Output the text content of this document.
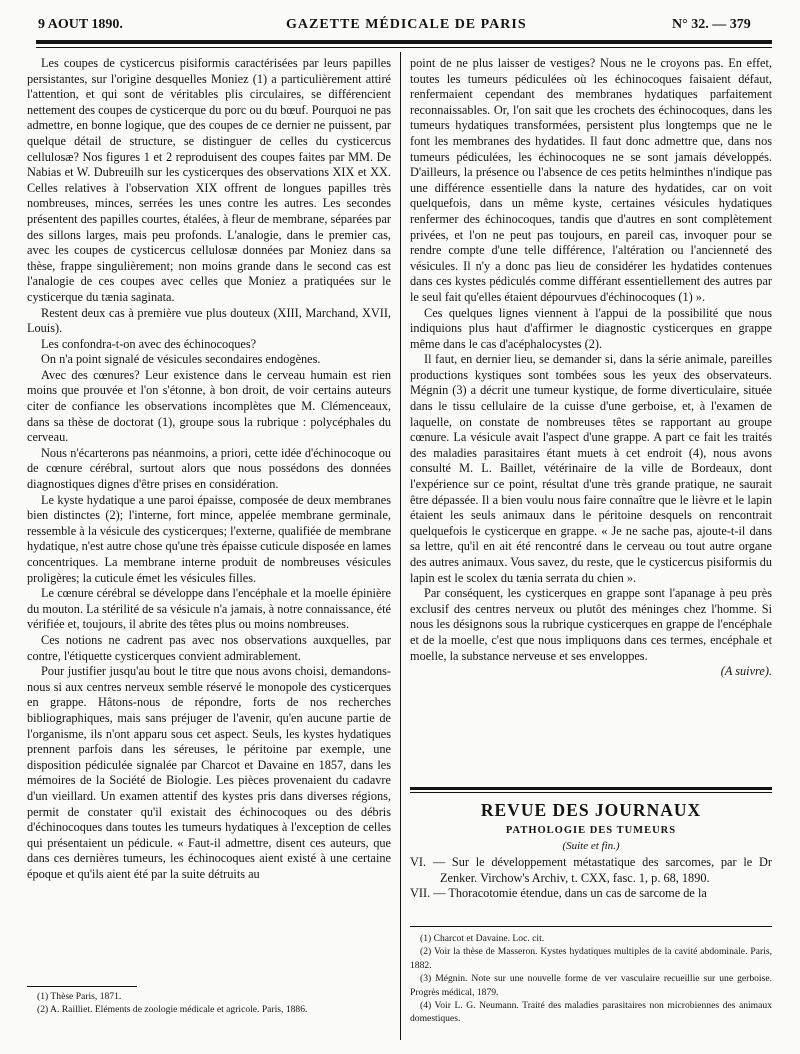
9 AOUT 1890.	GAZETTE MÉDICALE DE PARIS	N° 32. — 379

Les coupes de cysticercus pisiformis caractérisées par leurs papilles persistantes, sur l'origine desquelles Moniez (1) a particulièrement attiré l'attention, et qui sont de véritables plis circulaires, se différencient nettement des coupes de cysticerque du porc ou du bœuf. Pourquoi ne pas admettre, en bonne logique, que des coupes de ce dernier ne puissent, par quelque détail de structure, se distinguer de celles du cysticercus cellulosæ? Nos figures 1 et 2 reproduisent des coupes faites par MM. De Nabias et W. Dubreuilh sur les cysticerques des observations XIX et XX. Celles relatives à l'observation XIX offrent de longues papilles très nombreuses, minces, serrées les unes contre les autres. Les secondes présentent des papilles courtes, étalées, à fleur de membrane, séparées par des sillons larges, mais peu profonds. L'analogie, dans le premier cas, avec les coupes de cysticercus cellulosæ données par Moniez dans sa thèse, frappe singulièrement; non moins grande dans le second cas est l'analogie de ces coupes avec celles que Moniez a pratiquées sur le cysticerque du tænia saginata.

Restent deux cas à première vue plus douteux (XIII, Marchand, XVII, Louis).

Les confondra-t-on avec des échinocoques?

On n'a point signalé de vésicules secondaires endogènes.

Avec des cœnures? Leur existence dans le cerveau humain est rien moins que prouvée et l'on s'étonne, à bon droit, de voir certains auteurs citer de confiance les observations incomplètes que M. Clémenceaux, dans sa thèse de doctorat (1), groupe sous la rubrique : polycéphales du cerveau.

Nous n'écarterons pas néanmoins, a priori, cette idée d'échinocoque ou de cœnure cérébral, surtout alors que nous possédons des données diagnostiques dignes d'être prises en considération.

Le kyste hydatique a une paroi épaisse, composée de deux membranes bien distinctes (2); l'interne, fort mince, appelée membrane germinale, ressemble à la vésicule des cysticerques; l'externe, qualifiée de membrane hydatique, n'est autre chose qu'une très épaisse cuticule disposée en lames concentriques. La membrane interne produit de nombreuses vésicules proligères; la cuticule émet les vésicules filles.

Le cœnure cérébral se développe dans l'encéphale et la moelle épinière du mouton. La stérilité de sa vésicule n'a jamais, à notre connaissance, été vérifiée et, toujours, il abrite des têtes plus ou moins nombreuses.

Ces notions ne cadrent pas avec nos observations auxquelles, par contre, l'étiquette cysticerques convient admirablement.

Pour justifier jusqu'au bout le titre que nous avons choisi, demandons-nous si aux centres nerveux semble réservé le monopole des cysticerques en grappe. Hâtons-nous de répondre, forts de nos recherches bibliographiques, mais sans préjuger de l'avenir, qu'en aucune partie de l'organisme, ils n'ont apparu sous cet aspect. Seuls, les kystes hydatiques prennent parfois dans les séreuses, le péritoine par exemple, une disposition pédiculée signalée par Charcot et Davaine en 1857, dans les mémoires de la Société de Biologie. Les pièces provenaient du cadavre d'un vieillard. Un examen attentif des kystes pris dans diverses régions, permit de constater qu'il existait des échinocoques ou des débris d'échinocoques dans toutes les tumeurs hydatiques à l'exception de celles qui présentaient un pédicule. « Faut-il admettre, disent ces auteurs, que dans ces dernières tumeurs, les échinocoques aient existé à une certaine époque et qu'ils aient été par la suite détruits au

(1) Thèse Paris, 1871.

(2) A. Railliet. Eléments de zoologie médicale et agricole. Paris, 1886.

point de ne plus laisser de vestiges? Nous ne le croyons pas. En effet, toutes les tumeurs pédiculées où les échinocoques faisaient défaut, renfermaient cependant des membranes hydatiques parfaitement reconnaissables. Or, l'on sait que les crochets des échinocoques, dans les tumeurs hydatiques transformées, persistent plus longtemps que ne le font les membranes des hydatides. Il faut donc admettre que, dans nos tumeurs pédiculées, les échinocoques ne se sont jamais développés. D'ailleurs, la présence ou l'absence de ces petits helminthes n'indique pas une différence essentielle dans la nature des hydatides, car on voit quelquefois, dans un même kyste, certaines vésicules hydatiques renfermer des échinocoques, tandis que d'autres en sont complètement privées, et l'on ne peut pas toujours, en pareil cas, invoquer pour se rendre compte d'une telle différence, l'altération ou l'ancienneté des vésicules. Il n'y a donc pas lieu de considérer les hydatides contenues dans ces kystes pédiculés comme différant essentiellement des autres par le seul fait qu'elles étaient dépourvues d'échinocoques (1) ».

Ces quelques lignes viennent à l'appui de la possibilité que nous indiquions plus haut d'affirmer le diagnostic cysticerques en grappe même dans le cas d'acéphalocystes (2).

Il faut, en dernier lieu, se demander si, dans la série animale, pareilles productions kystiques sont tombées sous les yeux des observateurs. Mégnin (3) a décrit une tumeur kystique, de forme diverticulaire, située dans le tissu cellulaire de la cuisse d'une gerboise, et, à l'examen de laquelle, on constate de nombreuses têtes se rapportant au groupe cœnure. La vésicule avait l'aspect d'une grappe. A part ce fait les traités des maladies parasitaires étant muets à cet endroit (4), nous avons consulté M. L. Baillet, vétérinaire de la ville de Bordeaux, dont l'expérience sur ce point, résultat d'une très grande pratique, ne saurait être dépassée. Il a bien voulu nous faire connaître que le lièvre et le lapin étaient les seuls animaux dans le péritoine desquels on rencontrait quelquefois le cysticerque en grappe. « Je ne sache pas, ajoute-t-il dans sa lettre, qu'il en ait été rencontré dans le cerveau ou tout autre organe des autres animaux. Vous savez, du reste, que le cysticercus pisiformis du lapin est le scolex du tænia serrata du chien ».

Par conséquent, les cysticerques en grappe sont l'apanage à peu près exclusif des centres nerveux ou plutôt des méninges chez l'homme. Si nous les désignons sous la rubrique cysticerques en grappe de l'encéphale et de la moelle, c'est que nous impliquons dans ces termes, encéphale et moelle, la substance nerveuse et ses enveloppes.

(A suivre).

REVUE DES JOURNAUX

PATHOLOGIE DES TUMEURS

(Suite et fin.)

VI. — Sur le développement métastatique des sarcomes, par le Dr Zenker. Virchow's Archiv, t. CXX, fasc. 1, p. 68, 1890.

VII. — Thoracotomie étendue, dans un cas de sarcome de la

(1) Charcot et Davaine. Loc. cit.

(2) Voir la thèse de Masseron. Kystes hydatiques multiples de la cavité abdominale. Paris, 1882.

(3) Mégnin. Note sur une nouvelle forme de ver vasculaire recueillie sur une gerboise. Progrès médical, 1879.

(4) Voir L. G. Neumann. Traité des maladies parasitaires non microbiennes des animaux domestiques.
